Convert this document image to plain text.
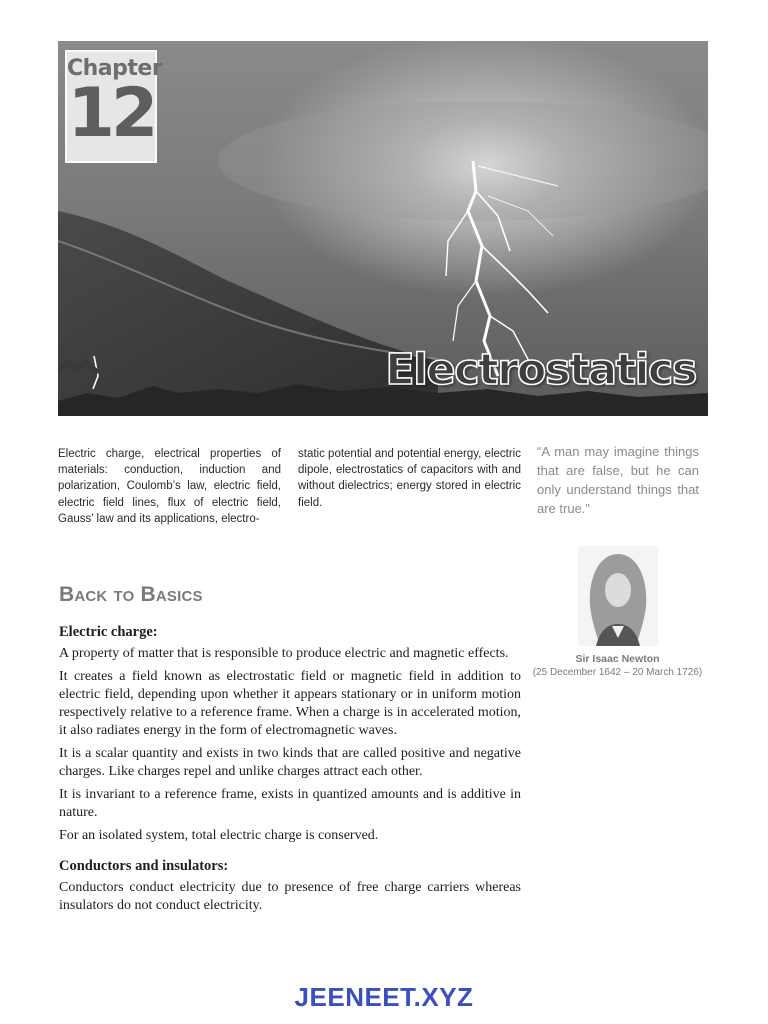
Chapter
12
Electrostatics
Electric charge, electrical properties of materials: conduction, induction and polarization, Coulomb’s law, electric field, electric field lines, flux of electric field, Gauss’ law and its applications, electro-
static potential and potential energy, electric dipole, electrostatics of capacitors with and without dielectrics; energy stored in electric field.
“A man may imagine things that are false, but he can only understand things that are true.”
Sir Isaac Newton
(25 December 1642 – 20 March 1726)
Back to Basics
Electric charge:

A property of matter that is responsible to produce electric and magnetic effects.

It creates a field known as electrostatic field or magnetic field in addition to electric field, depending upon whether it appears stationary or in uniform motion respectively relative to a reference frame. When a charge is in accelerated motion, it also radiates energy in the form of electromagnetic waves.

It is a scalar quantity and exists in two kinds that are called positive and negative charges. Like charges repel and unlike charges attract each other.

It is invariant to a reference frame, exists in quantized amounts and is additive in nature.

For an isolated system, total electric charge is conserved.

Conductors and insulators:

Conductors conduct electricity due to presence of free charge carriers whereas insulators do not conduct electricity.

JEENEET.XYZ
